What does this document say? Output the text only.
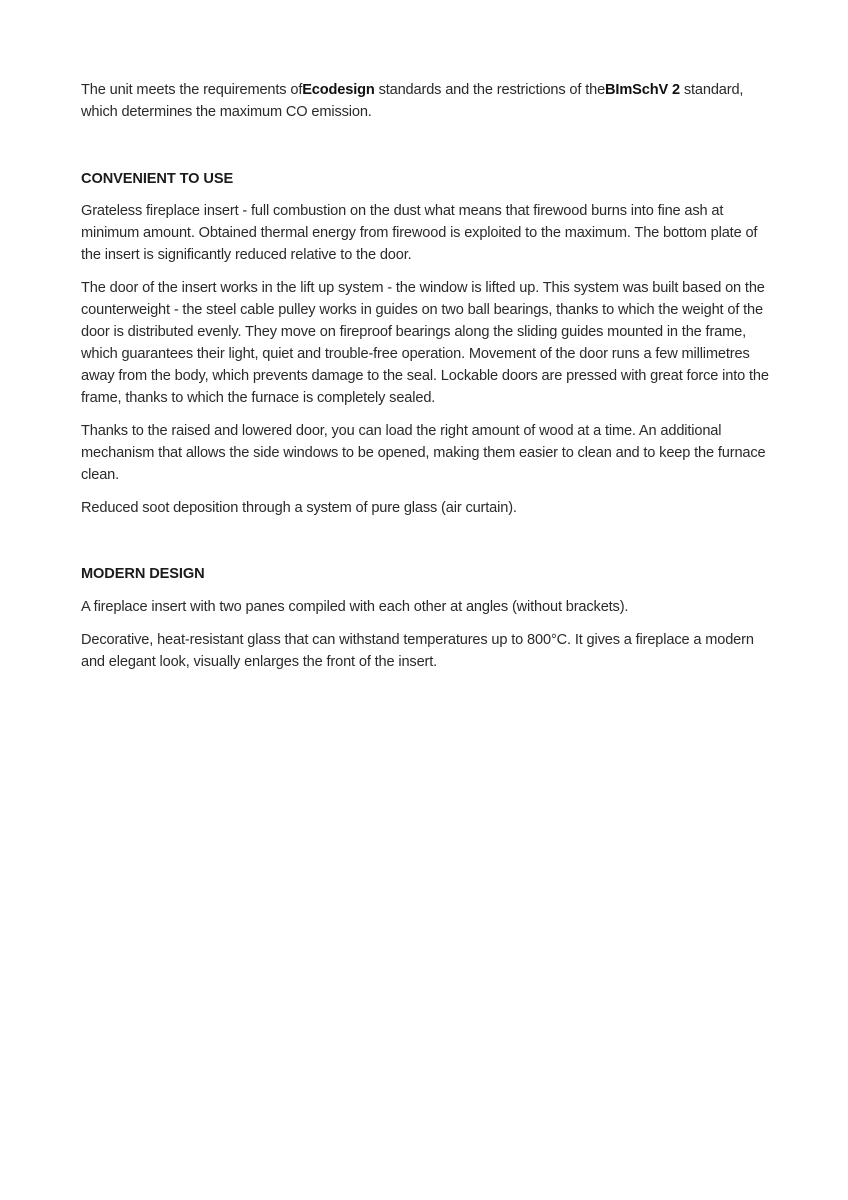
The unit meets the requirements ofEcodesign standards and the restrictions of theBImSchV 2 standard, which determines the maximum CO emission.

CONVENIENT TO USE

Grateless fireplace insert - full combustion on the dust what means that firewood burns into fine ash at minimum amount. Obtained thermal energy from firewood is exploited to the maximum. The bottom plate of the insert is significantly reduced relative to the door.

The door of the insert works in the lift up system - the window is lifted up. This system was built based on the counterweight - the steel cable pulley works in guides on two ball bearings, thanks to which the weight of the door is distributed evenly. They move on fireproof bearings along the sliding guides mounted in the frame, which guarantees their light, quiet and trouble-free operation. Movement of the door runs a few millimetres away from the body, which prevents damage to the seal. Lockable doors are pressed with great force into the frame, thanks to which the furnace is completely sealed.

Thanks to the raised and lowered door, you can load the right amount of wood at a time. An additional mechanism that allows the side windows to be opened, making them easier to clean and to keep the furnace clean.

Reduced soot deposition through a system of pure glass (air curtain).

MODERN DESIGN

A fireplace insert with two panes compiled with each other at angles (without brackets).

Decorative, heat-resistant glass that can withstand temperatures up to 800°C. It gives a fireplace a modern and elegant look, visually enlarges the front of the insert.
